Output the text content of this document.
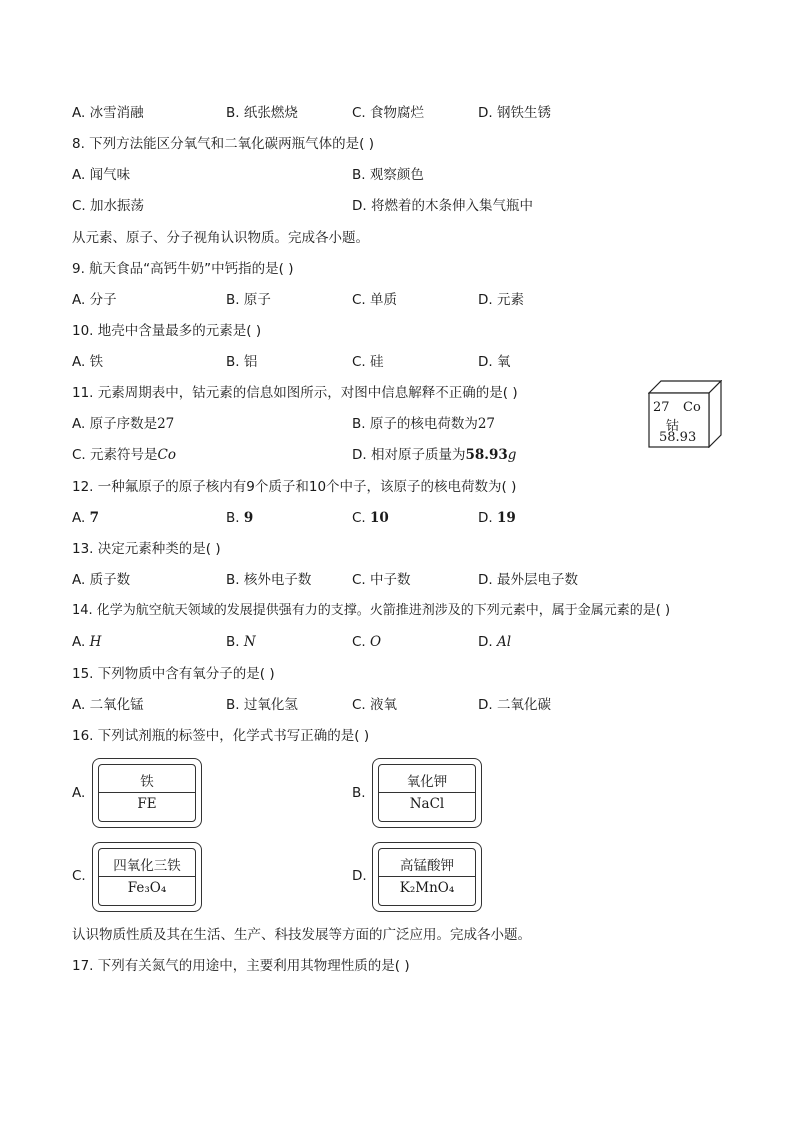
A. 冰雪消融	B. 纸张燃烧	C. 食物腐烂	D. 钢铁生锈
8. 下列方法能区分氧气和二氧化碳两瓶气体的是( )
A. 闻气味	B. 观察颜色
C. 加水振荡	D. 将燃着的木条伸入集气瓶中
从元素、原子、分子视角认识物质。完成各小题。
9. 航天食品“高钙牛奶”中钙指的是( )
A. 分子	B. 原子	C. 单质	D. 元素
10. 地壳中含量最多的元素是( )
A. 铁	B. 铝	C. 硅	D. 氧
11. 元素周期表中，钴元素的信息如图所示，对图中信息解释不正确的是( )
A. 原子序数是27	B. 原子的核电荷数为27
C. 元素符号是Co	D. 相对原子质量为58.93g
27 Co
钴
58.93
12. 一种氟原子的原子核内有9个质子和10个中子，该原子的核电荷数为( )
A. 7	B. 9	C. 10	D. 19
13. 决定元素种类的是( )
A. 质子数	B. 核外电子数	C. 中子数	D. 最外层电子数
14. 化学为航空航天领域的发展提供强有力的支撑。火箭推进剂涉及的下列元素中，属于金属元素的是( )
A. H	B. N	C. O	D. Al
15. 下列物质中含有氧分子的是( )
A. 二氧化锰	B. 过氧化氢	C. 液氧	D. 二氧化碳
16. 下列试剂瓶的标签中，化学式书写正确的是( )
A.
铁
FE
B.
氧化钾
NaCl
C.
四氧化三铁
Fe₃O₄
D.
高锰酸钾
K₂MnO₄
认识物质性质及其在生活、生产、科技发展等方面的广泛应用。完成各小题。
17. 下列有关氮气的用途中，主要利用其物理性质的是( )
